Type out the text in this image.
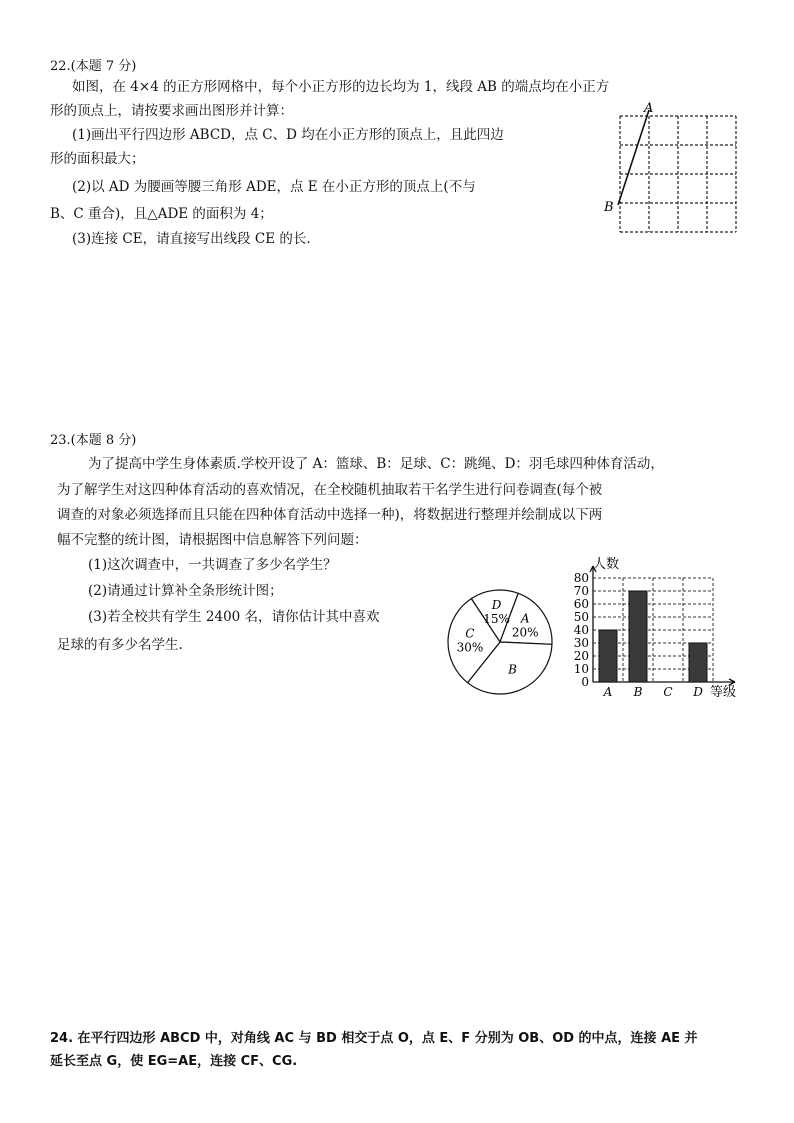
22.(本题 7 分)
如图，在 4×4 的正方形网格中，每个小正方形的边长均为 1，线段 AB 的端点均在小正方
形的顶点上，请按要求画出图形并计算：
(1)画出平行四边形 ABCD，点 C、D 均在小正方形的顶点上，且此四边
形的面积最大；
(2)以 AD 为腰画等腰三角形 ADE，点 E 在小正方形的顶点上(不与
B、C 重合)，且△ADE 的面积为 4；
(3)连接 CE，请直接写出线段 CE 的长.
A
B
23.(本题 8 分)
为了提高中学生身体素质.学校开设了 A：篮球、B：足球、C：跳绳、D：羽毛球四种体育活动，
为了解学生对这四种体育活动的喜欢情况，在全校随机抽取若干名学生进行问卷调查(每个被
调查的对象必须选择而且只能在四种体育活动中选择一种)，将数据进行整理并绘制成以下两
幅不完整的统计图，请根据图中信息解答下列问题：
(1)这次调查中，一共调查了多少名学生？
(2)请通过计算补全条形统计图；
(3)若全校共有学生 2400 名，请你估计其中喜欢
足球的有多少名学生.
D
15% A
20%
B
C
30%
0
10
20
30
40
50
60
70
80
A B C D
人数
等级
24. 在平行四边形 ABCD 中，对角线 AC 与 BD 相交于点 O，点 E、F 分别为 OB、OD 的中点，连接 AE 并
延长至点 G，使 EG=AE，连接 CF、CG.
